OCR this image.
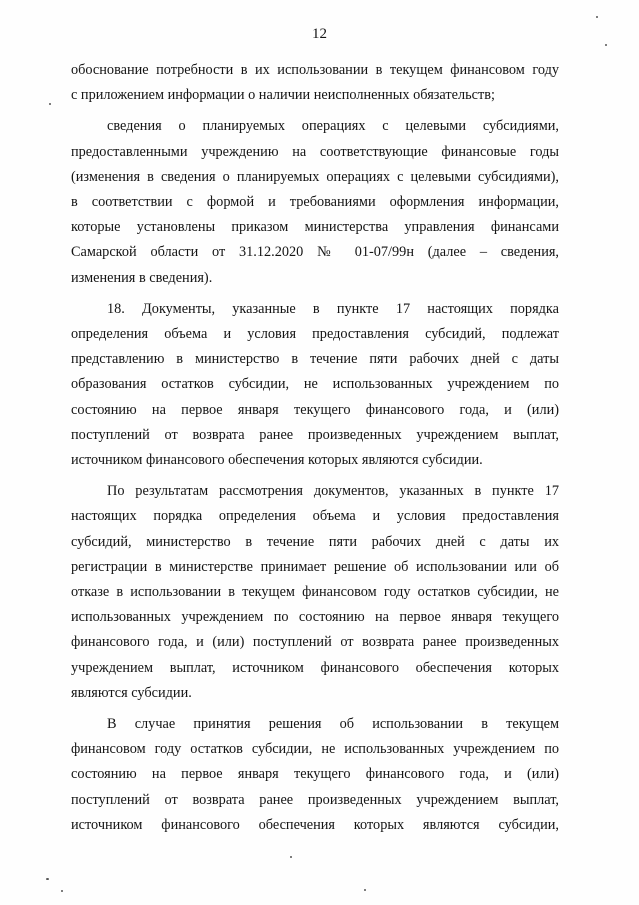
12
обоснование потребности в их использовании в текущем финансовом году
с приложением информации о наличии неисполненных обязательств;
сведения о планируемых операциях с целевыми субсидиями,
предоставленными учреждению на соответствующие финансовые годы
(изменения в сведения о планируемых операциях с целевыми субсидиями),
в соответствии с формой и требованиями оформления информации,
которые установлены приказом министерства управления финансами
Самарской области от 31.12.2020 № 01-07/99н (далее – сведения,
изменения в сведения).
18. Документы, указанные в пункте 17 настоящих порядка
определения объема и условия предоставления субсидий, подлежат
представлению в министерство в течение пяти рабочих дней с даты
образования остатков субсидии, не использованных учреждением по
состоянию на первое января текущего финансового года, и (или)
поступлений от возврата ранее произведенных учреждением выплат,
источником финансового обеспечения которых являются субсидии.
По результатам рассмотрения документов, указанных в пункте 17
настоящих порядка определения объема и условия предоставления
субсидий, министерство в течение пяти рабочих дней с даты их
регистрации в министерстве принимает решение об использовании или об
отказе в использовании в текущем финансовом году остатков субсидии, не
использованных учреждением по состоянию на первое января текущего
финансового года, и (или) поступлений от возврата ранее произведенных
учреждением выплат, источником финансового обеспечения которых
являются субсидии.
В случае принятия решения об использовании в текущем
финансовом году остатков субсидии, не использованных учреждением по
состоянию на первое января текущего финансового года, и (или)
поступлений от возврата ранее произведенных учреждением выплат,
источником финансового обеспечения которых являются субсидии,
